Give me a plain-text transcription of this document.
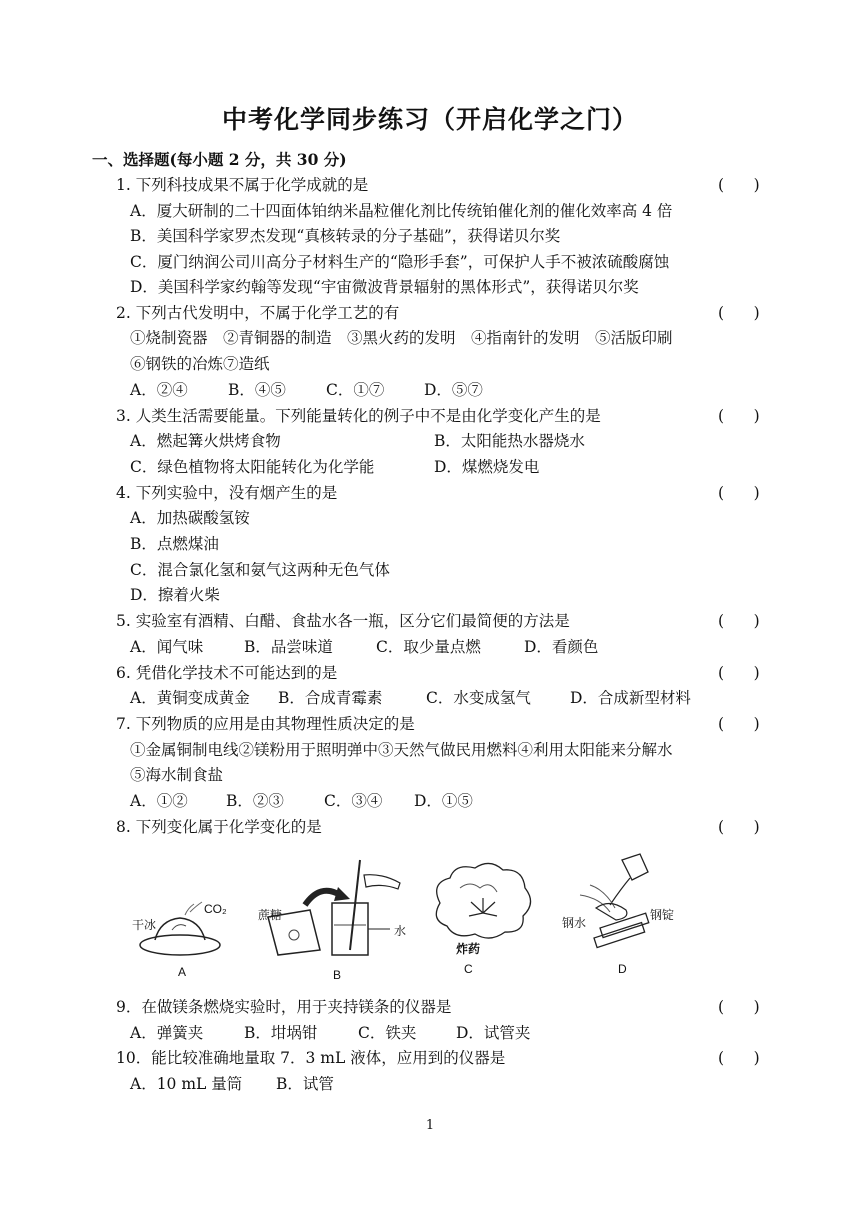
中考化学同步练习（开启化学之门）
一、选择题(每小题 2 分，共 30 分)
1. 下列科技成果不属于化学成就的是	(      )
A．厦大研制的二十四面体铂纳米晶粒催化剂比传统铂催化剂的催化效率高 4 倍
B．美国科学家罗杰发现“真核转录的分子基础”，获得诺贝尔奖
C．厦门纳润公司川高分子材料生产的“隐形手套”，可保护人手不被浓硫酸腐蚀
D．美国科学家约翰等发现“宇宙微波背景辐射的黑体形式”，获得诺贝尔奖
2. 下列古代发明中，不属于化学工艺的有	(      )
①烧制瓷器　②青铜器的制造　③黑火药的发明　④指南针的发明　⑤活版印刷
⑥钢铁的冶炼⑦造纸
A．②④	B．④⑤	C．①⑦	D．⑤⑦
3. 人类生活需要能量。下列能量转化的例子中不是由化学变化产生的是	(      )
A．燃起篝火烘烤食物	B．太阳能热水器烧水
C．绿色植物将太阳能转化为化学能	D．煤燃烧发电
4. 下列实验中，没有烟产生的是	(      )
A．加热碳酸氢铵
B．点燃煤油
C．混合氯化氢和氨气这两种无色气体
D．擦着火柴
5. 实验室有酒精、白醋、食盐水各一瓶，区分它们最简便的方法是	(      )
A．闻气味	B．品尝味道	C．取少量点燃	D．看颜色
6. 凭借化学技术不可能达到的是	(      )
A．黄铜变成黄金 B．合成青霉素	C．水变成氢气	D．合成新型材料
7. 下列物质的应用是由其物理性质决定的是	(      )
①金属铜制电线②镁粉用于照明弹中③天然气做民用燃料④利用太阳能来分解水
⑤海水制食盐
A．①② B．②③	C．③④ D．①⑤
8. 下列变化属于化学变化的是	(      )
干冰
CO₂
A
蔗糖
水
B
炸药
C
钢水
钢锭
D
9．在做镁条燃烧实验时，用于夹持镁条的仪器是	(      )
A．弹簧夹	B．坩埚钳	C．铁夹	D．试管夹
10．能比较准确地量取 7．3 mL 液体，应用到的仪器是	(      )
A．10 mL 量筒 B．试管
1
